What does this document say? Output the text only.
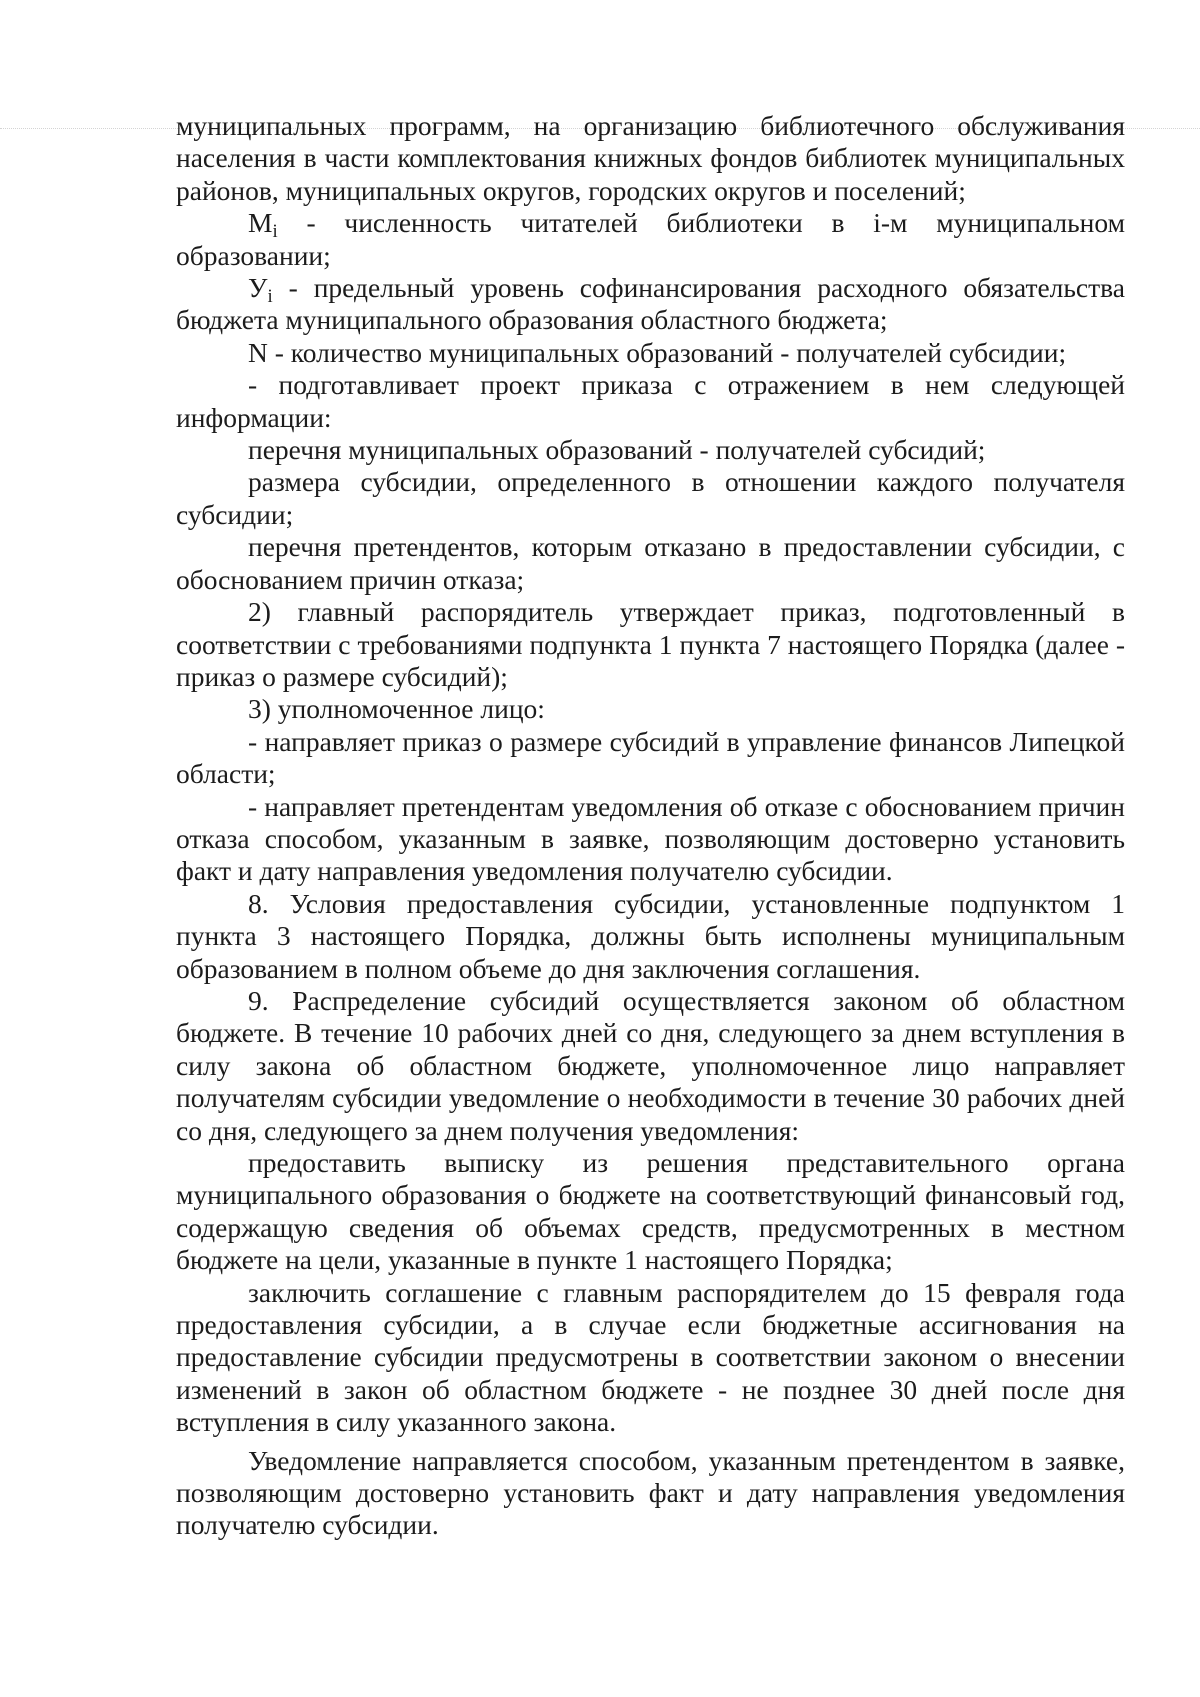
муниципальных программ, на организацию библиотечного обслуживания населения в части комплектования книжных фондов библиотек муниципальных районов, муниципальных округов, городских округов и поселений;

$M_i$ - численность читателей библиотеки в i-м муниципальном образовании;

$У_i$ - предельный уровень софинансирования расходного обязательства бюджета муниципального образования областного бюджета;

N - количество муниципальных образований - получателей субсидии;

- подготавливает проект приказа с отражением в нем следующей информации:

перечня муниципальных образований - получателей субсидий;

размера субсидии, определенного в отношении каждого получателя субсидии;

перечня претендентов, которым отказано в предоставлении субсидии, с обоснованием причин отказа;

2) главный распорядитель утверждает приказ, подготовленный в соответствии с требованиями подпункта 1 пункта 7 настоящего Порядка (далее - приказ о размере субсидий);

3) уполномоченное лицо:

- направляет приказ о размере субсидий в управление финансов Липецкой области;

- направляет претендентам уведомления об отказе с обоснованием причин отказа способом, указанным в заявке, позволяющим достоверно установить факт и дату направления уведомления получателю субсидии.

8. Условия предоставления субсидии, установленные подпунктом 1 пункта 3 настоящего Порядка, должны быть исполнены муниципальным образованием в полном объеме до дня заключения соглашения.

9. Распределение субсидий осуществляется законом об областном бюджете. В течение 10 рабочих дней со дня, следующего за днем вступления в силу закона об областном бюджете, уполномоченное лицо направляет получателям субсидии уведомление о необходимости в течение 30 рабочих дней со дня, следующего за днем получения уведомления:

предоставить выписку из решения представительного органа муниципального образования о бюджете на соответствующий финансовый год, содержащую сведения об объемах средств, предусмотренных в местном бюджете на цели, указанные в пункте 1 настоящего Порядка;

заключить соглашение с главным распорядителем до 15 февраля года предоставления субсидии, а в случае если бюджетные ассигнования на предоставление субсидии предусмотрены в соответствии законом о внесении изменений в закон об областном бюджете - не позднее 30 дней после дня вступления в силу указанного закона.

Уведомление направляется способом, указанным претендентом в заявке, позволяющим достоверно установить факт и дату направления уведомления получателю субсидии.
